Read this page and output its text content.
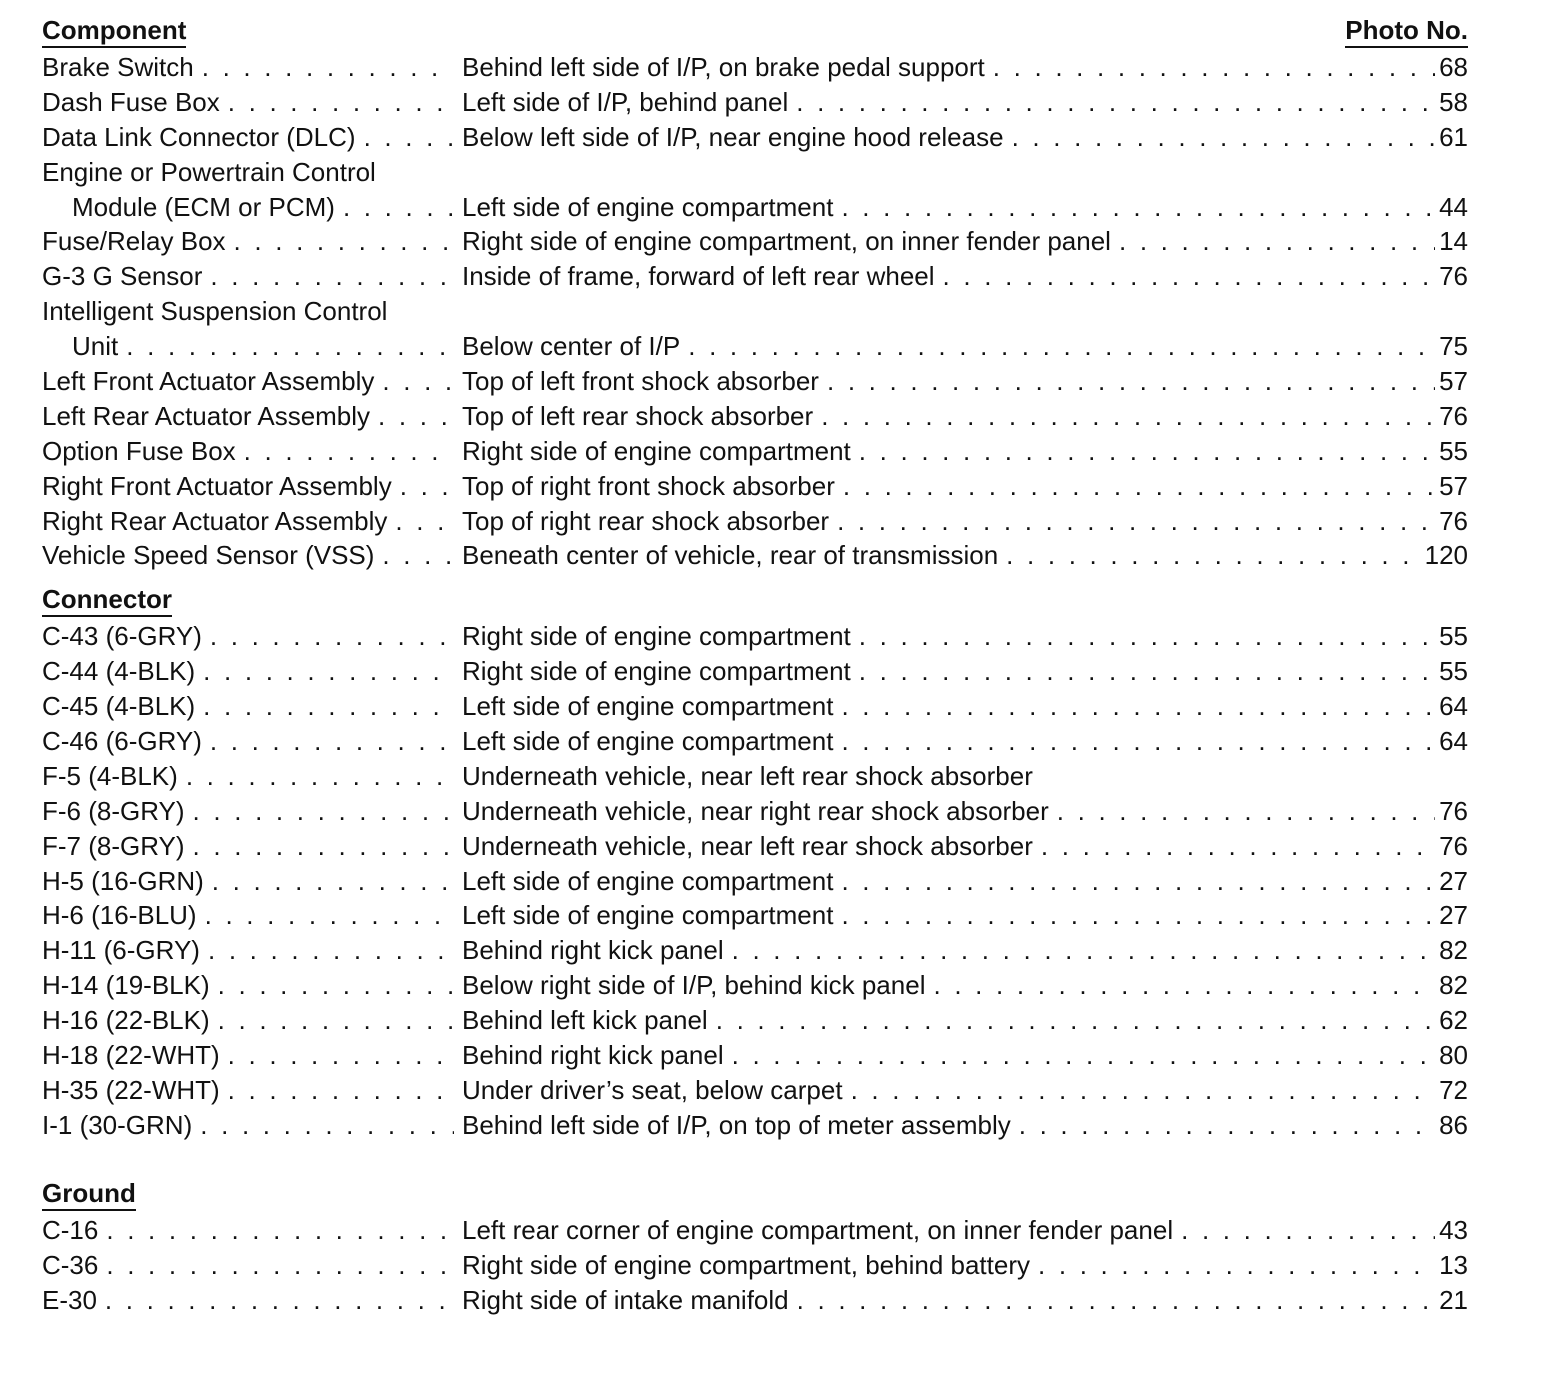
Component	Photo No.
Brake Switch . . .	Behind left side of I/P, on brake pedal support . . .	68
Dash Fuse Box . . .	Left side of I/P, behind panel . . .	58
Data Link Connector (DLC) . . .	Below left side of I/P, near engine hood release . . .	61
Engine or Powertrain Control
Module (ECM or PCM) . . .	Left side of engine compartment . . .	44
Fuse/Relay Box . . .	Right side of engine compartment, on inner fender panel . . .	14
G-3 G Sensor . . .	Inside of frame, forward of left rear wheel . . .	76
Intelligent Suspension Control
Unit . . .	Below center of I/P . . .	75
Left Front Actuator Assembly . . .	Top of left front shock absorber . . .	57
Left Rear Actuator Assembly . . .	Top of left rear shock absorber . . .	76
Option Fuse Box . . .	Right side of engine compartment . . .	55
Right Front Actuator Assembly . . .	Top of right front shock absorber . . .	57
Right Rear Actuator Assembly . . .	Top of right rear shock absorber . . .	76
Vehicle Speed Sensor (VSS) . . .	Beneath center of vehicle, rear of transmission . . .	120
Connector
C-43 (6-GRY) . . .	Right side of engine compartment . . .	55
C-44 (4-BLK) . . .	Right side of engine compartment . . .	55
C-45 (4-BLK) . . .	Left side of engine compartment . . .	64
C-46 (6-GRY) . . .	Left side of engine compartment . . .	64
F-5 (4-BLK) . . .	Underneath vehicle, near left rear shock absorber
F-6 (8-GRY) . . .	Underneath vehicle, near right rear shock absorber . . .	76
F-7 (8-GRY) . . .	Underneath vehicle, near left rear shock absorber . . .	76
H-5 (16-GRN) . . .	Left side of engine compartment . . .	27
H-6 (16-BLU) . . .	Left side of engine compartment . . .	27
H-11 (6-GRY) . . .	Behind right kick panel . . .	82
H-14 (19-BLK) . . .	Below right side of I/P, behind kick panel . . .	82
H-16 (22-BLK) . . .	Behind left kick panel . . .	62
H-18 (22-WHT) . . .	Behind right kick panel . . .	80
H-35 (22-WHT) . . .	Under driver’s seat, below carpet . . .	72
I-1 (30-GRN) . . .	Behind left side of I/P, on top of meter assembly . . .	86
Ground
C-16 . . .	Left rear corner of engine compartment, on inner fender panel . . .	43
C-36 . . .	Right side of engine compartment, behind battery . . .	13
E-30 . . .	Right side of intake manifold . . .	21
